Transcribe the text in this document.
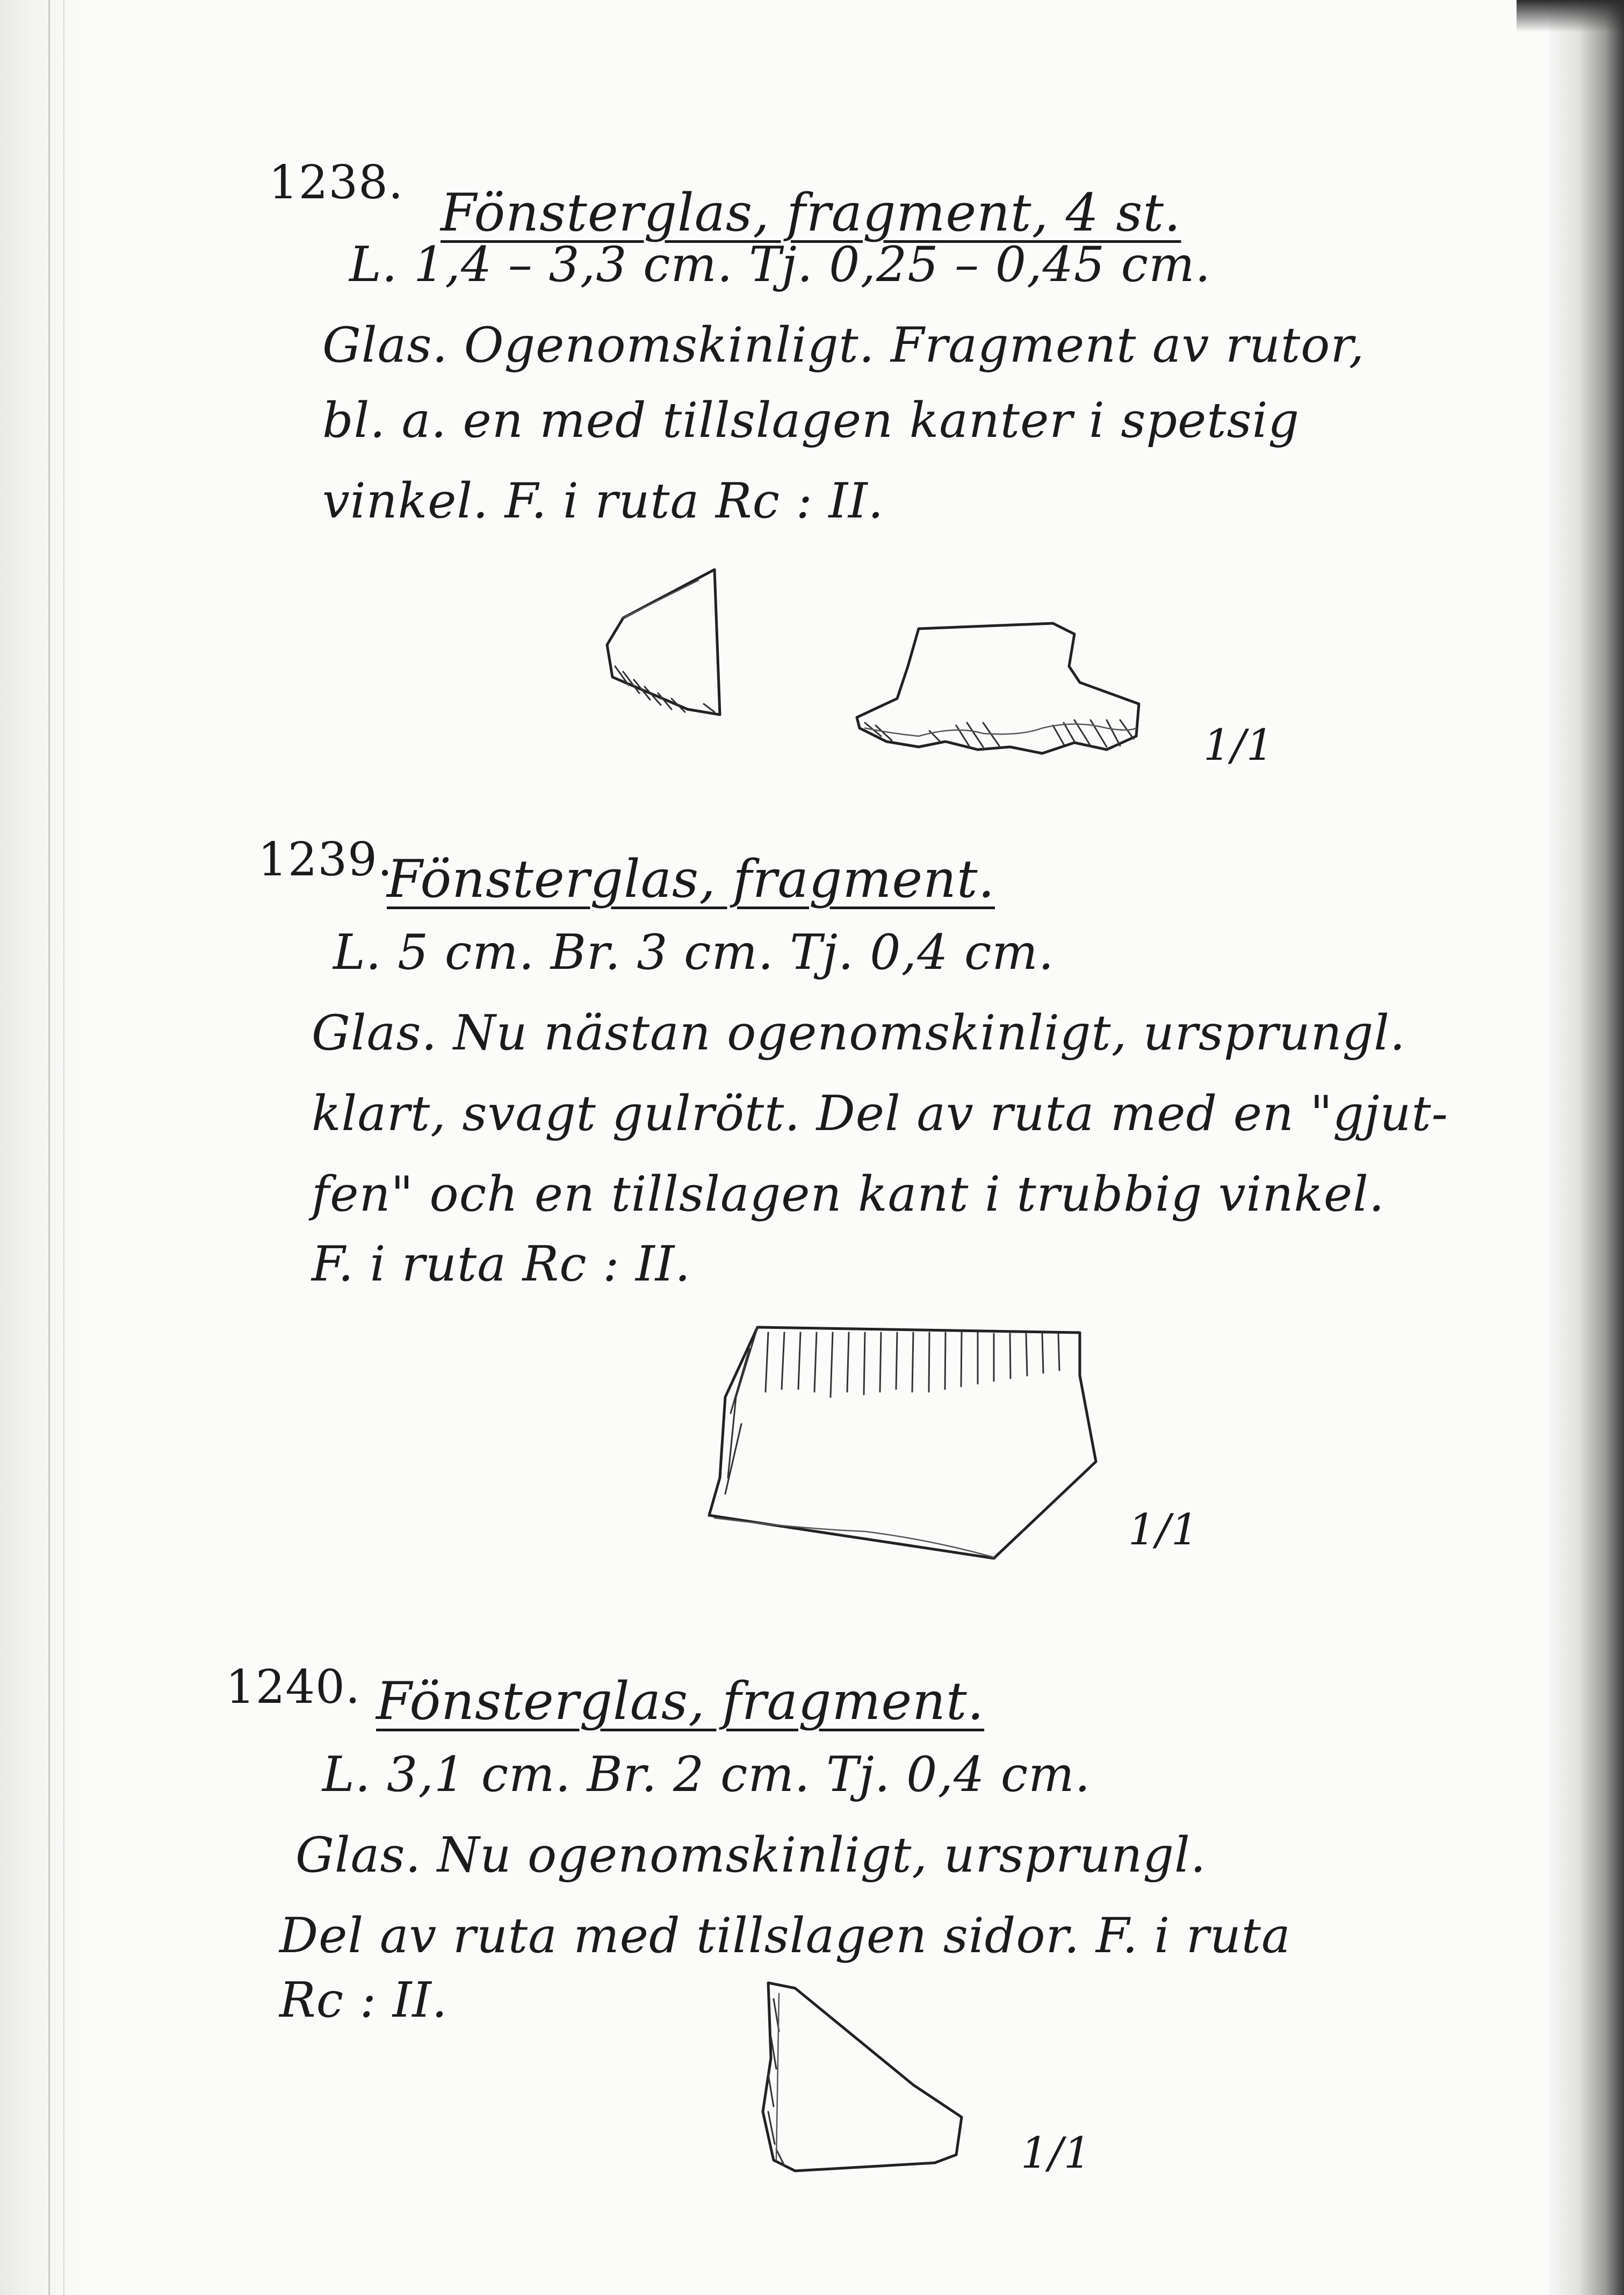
1238. Fönsterglas, fragment, 4 st.
L. 1,4 – 3,3 cm. Tj. 0,25 – 0,45 cm.
Glas. Ogenomskinligt. Fragment av rutor,
bl. a. en med tillslagen kanter i spetsig
vinkel. F. i ruta Rc : II.
1/1
1239.
Fönsterglas, fragment.
L. 5 cm. Br. 3 cm. Tj. 0,4 cm.
Glas. Nu nästan ogenomskinligt, ursprungl.
klart, svagt gulrött. Del av ruta med en "gjut-
fen" och en tillslagen kant i trubbig vinkel.
F. i ruta Rc : II.
1/1
1240. Fönsterglas, fragment.
L. 3,1 cm. Br. 2 cm. Tj. 0,4 cm.
Glas. Nu ogenomskinligt, ursprungl.
Del av ruta med tillslagen sidor. F. i ruta
Rc : II.
1/1
